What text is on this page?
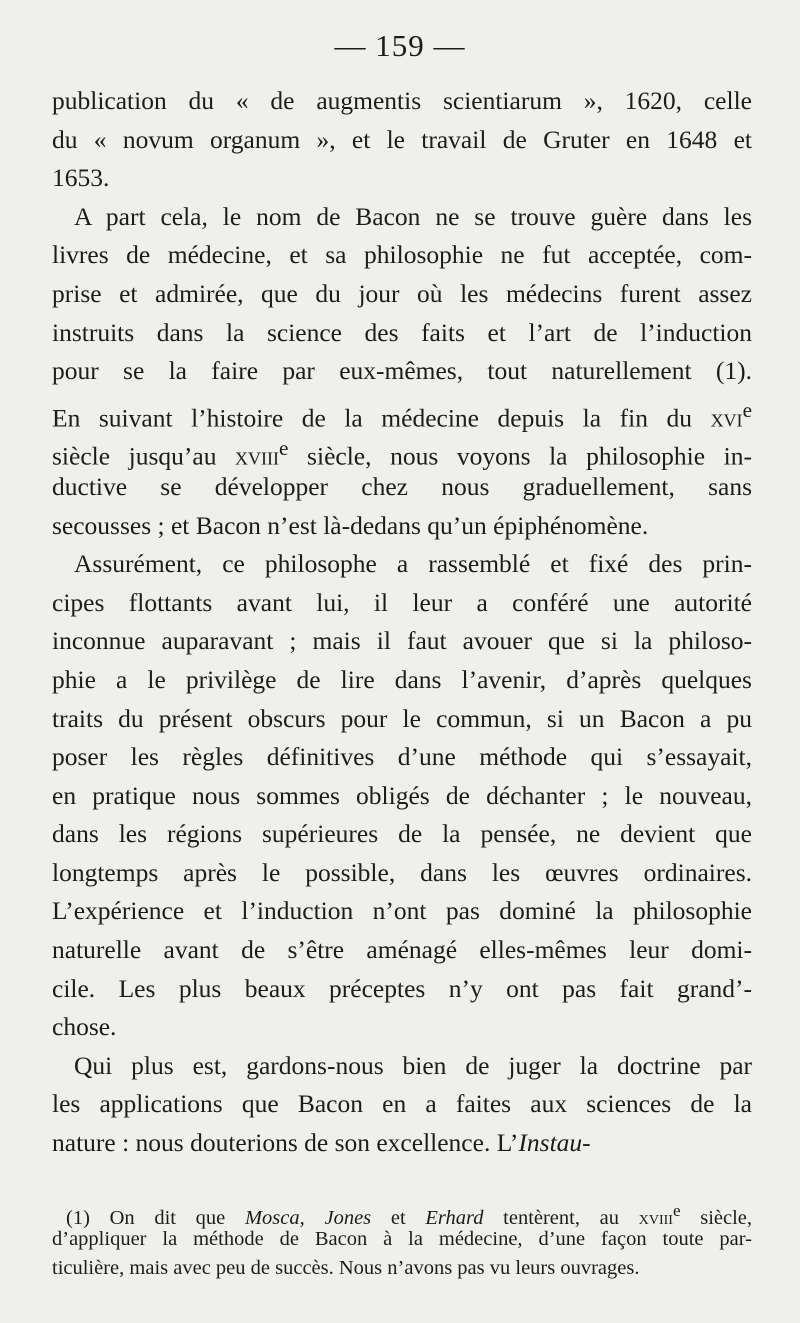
— 159 —
publication du « de augmentis scientiarum », 1620, celle
du « novum organum », et le travail de Gruter en 1648 et
1653.
A part cela, le nom de Bacon ne se trouve guère dans les
livres de médecine, et sa philosophie ne fut acceptée, com-
prise et admirée, que du jour où les médecins furent assez
instruits dans la science des faits et l’art de l’induction
pour se la faire par eux-mêmes, tout naturellement (1).
En suivant l’histoire de la médecine depuis la fin du xvi$^e$
siècle jusqu’au xviii$^e$ siècle, nous voyons la philosophie in-
ductive se développer chez nous graduellement, sans
secousses ; et Bacon n’est là-dedans qu’un épiphénomène.
Assurément, ce philosophe a rassemblé et fixé des prin-
cipes flottants avant lui, il leur a conféré une autorité
inconnue auparavant ; mais il faut avouer que si la philoso-
phie a le privilège de lire dans l’avenir, d’après quelques
traits du présent obscurs pour le commun, si un Bacon a pu
poser les règles définitives d’une méthode qui s’essayait,
en pratique nous sommes obligés de déchanter ; le nouveau,
dans les régions supérieures de la pensée, ne devient que
longtemps après le possible, dans les œuvres ordinaires.
L’expérience et l’induction n’ont pas dominé la philosophie
naturelle avant de s’être aménagé elles-mêmes leur domi-
cile. Les plus beaux préceptes n’y ont pas fait grand’-
chose.
Qui plus est, gardons-nous bien de juger la doctrine par
les applications que Bacon en a faites aux sciences de la
nature : nous douterions de son excellence. L’Instau-
(1) On dit que Mosca, Jones et Erhard tentèrent, au xviii$^e$ siècle,
d’appliquer la méthode de Bacon à la médecine, d’une façon toute par-
ticulière, mais avec peu de succès. Nous n’avons pas vu leurs ouvrages.
